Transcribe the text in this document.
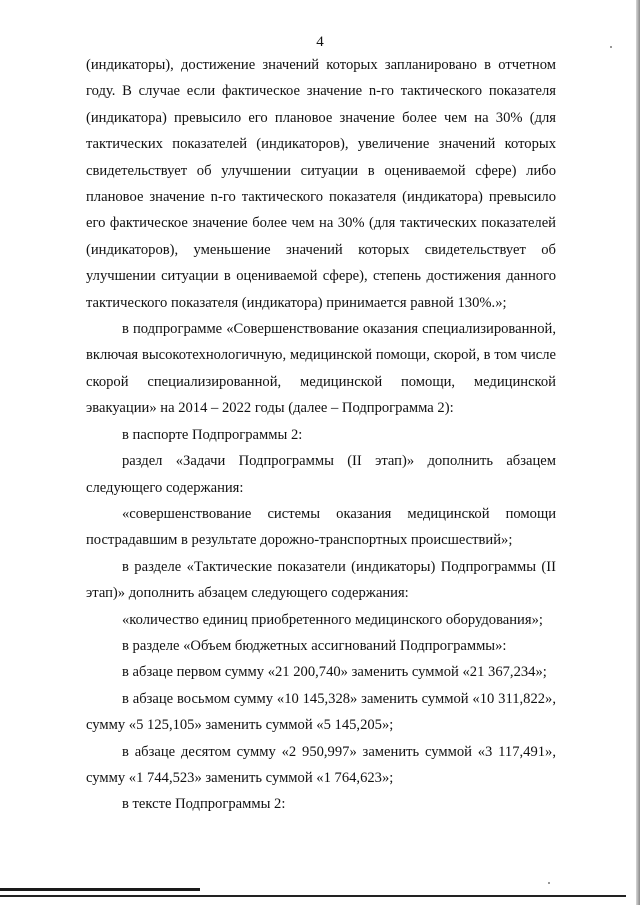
4

(индикаторы), достижение значений которых запланировано в отчетном году. В случае если фактическое значение n-го тактического показателя (индикатора) превысило его плановое значение более чем на 30% (для тактических показателей (индикаторов), увеличение значений которых свидетельствует об улучшении ситуации в оцениваемой сфере) либо плановое значение n-го тактического показателя (индикатора) превысило его фактическое значение более чем на 30% (для тактических показателей (индикаторов), уменьшение значений которых свидетельствует об улучшении ситуации в оцениваемой сфере), степень достижения данного тактического показателя (индикатора) принимается равной 130%.»;

в подпрограмме «Совершенствование оказания специализированной, включая высокотехнологичную, медицинской помощи, скорой, в том числе скорой специализированной, медицинской помощи, медицинской эвакуации» на 2014 – 2022 годы (далее – Подпрограмма 2):

в паспорте Подпрограммы 2:

раздел «Задачи Подпрограммы (II этап)» дополнить абзацем следующего содержания:

«совершенствование системы оказания медицинской помощи пострадавшим в результате дорожно-транспортных происшествий»;

в разделе «Тактические показатели (индикаторы) Подпрограммы (II этап)» дополнить абзацем следующего содержания:

«количество единиц приобретенного медицинского оборудования»;

в разделе «Объем бюджетных ассигнований Подпрограммы»:

в абзаце первом сумму «21 200,740» заменить суммой «21 367,234»;

в абзаце восьмом сумму «10 145,328» заменить суммой «10 311,822», сумму «5 125,105» заменить суммой «5 145,205»;

в абзаце десятом сумму «2 950,997» заменить суммой «3 117,491», сумму «1 744,523» заменить суммой «1 764,623»;

в тексте Подпрограммы 2:
